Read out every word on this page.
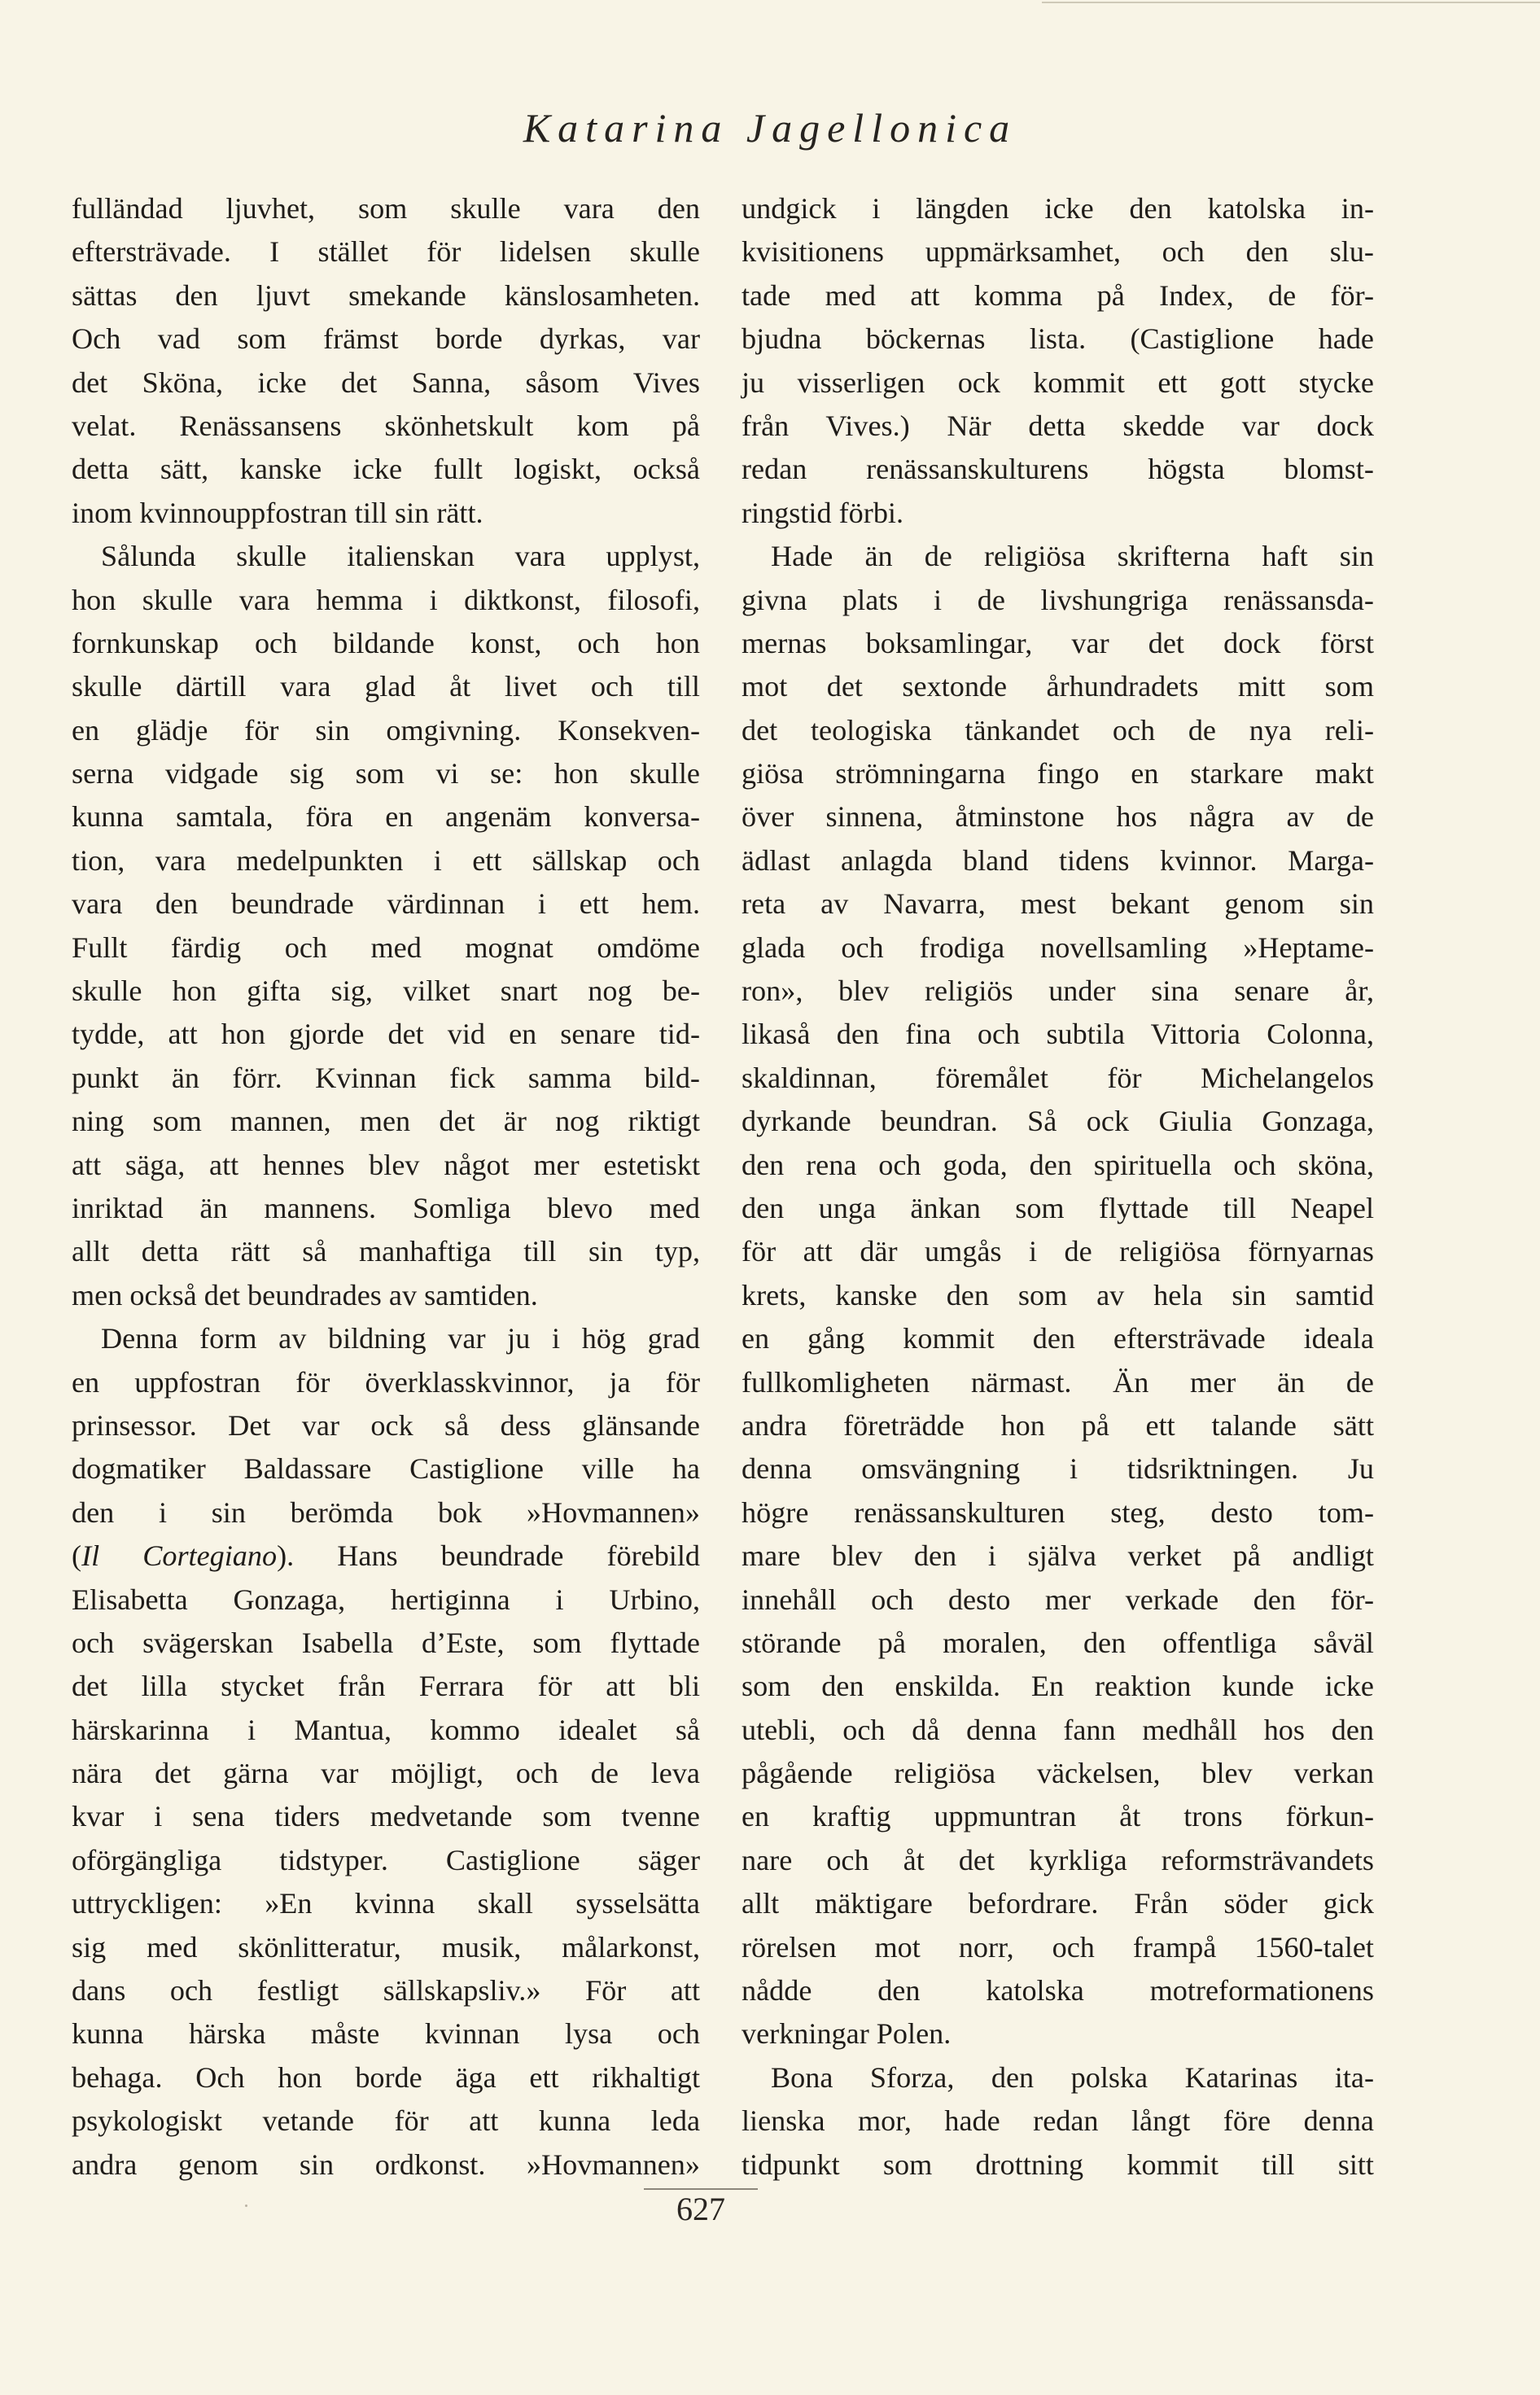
Katarina Jagellonica
fulländad ljuvhet, som skulle vara den
eftersträvade. I stället för lidelsen skulle
sättas den ljuvt smekande känslosamheten.
Och vad som främst borde dyrkas, var
det Sköna, icke det Sanna, såsom Vives
velat. Renässansens skönhetskult kom på
detta sätt, kanske icke fullt logiskt, också
inom kvinnouppfostran till sin rätt.
Sålunda skulle italienskan vara upplyst,
hon skulle vara hemma i diktkonst, filosofi,
fornkunskap och bildande konst, och hon
skulle därtill vara glad åt livet och till
en glädje för sin omgivning. Konsekven-
serna vidgade sig som vi se: hon skulle
kunna samtala, föra en angenäm konversa-
tion, vara medelpunkten i ett sällskap och
vara den beundrade värdinnan i ett hem.
Fullt färdig och med mognat omdöme
skulle hon gifta sig, vilket snart nog be-
tydde, att hon gjorde det vid en senare tid-
punkt än förr. Kvinnan fick samma bild-
ning som mannen, men det är nog riktigt
att säga, att hennes blev något mer estetiskt
inriktad än mannens. Somliga blevo med
allt detta rätt så manhaftiga till sin typ,
men också det beundrades av samtiden.
Denna form av bildning var ju i hög grad
en uppfostran för överklasskvinnor, ja för
prinsessor. Det var ock så dess glänsande
dogmatiker Baldassare Castiglione ville ha
den i sin berömda bok »Hovmannen»
(Il Cortegiano). Hans beundrade förebild
Elisabetta Gonzaga, hertiginna i Urbino,
och svägerskan Isabella d’Este, som flyttade
det lilla stycket från Ferrara för att bli
härskarinna i Mantua, kommo idealet så
nära det gärna var möjligt, och de leva
kvar i sena tiders medvetande som tvenne
oförgängliga tidstyper. Castiglione säger
uttryckligen: »En kvinna skall sysselsätta
sig med skönlitteratur, musik, målarkonst,
dans och festligt sällskapsliv.» För att
kunna härska måste kvinnan lysa och
behaga. Och hon borde äga ett rikhaltigt
psykologiskt vetande för att kunna leda
andra genom sin ordkonst. »Hovmannen»
undgick i längden icke den katolska in-
kvisitionens uppmärksamhet, och den slu-
tade med att komma på Index, de för-
bjudna böckernas lista. (Castiglione hade
ju visserligen ock kommit ett gott stycke
från Vives.) När detta skedde var dock
redan renässanskulturens högsta blomst-
ringstid förbi.
Hade än de religiösa skrifterna haft sin
givna plats i de livshungriga renässansda-
mernas boksamlingar, var det dock först
mot det sextonde århundradets mitt som
det teologiska tänkandet och de nya reli-
giösa strömningarna fingo en starkare makt
över sinnena, åtminstone hos några av de
ädlast anlagda bland tidens kvinnor. Marga-
reta av Navarra, mest bekant genom sin
glada och frodiga novellsamling »Heptame-
ron», blev religiös under sina senare år,
likaså den fina och subtila Vittoria Colonna,
skaldinnan, föremålet för Michelangelos
dyrkande beundran. Så ock Giulia Gonzaga,
den rena och goda, den spirituella och sköna,
den unga änkan som flyttade till Neapel
för att där umgås i de religiösa förnyarnas
krets, kanske den som av hela sin samtid
en gång kommit den eftersträvade ideala
fullkomligheten närmast. Än mer än de
andra företrädde hon på ett talande sätt
denna omsvängning i tidsriktningen. Ju
högre renässanskulturen steg, desto tom-
mare blev den i själva verket på andligt
innehåll och desto mer verkade den för-
störande på moralen, den offentliga såväl
som den enskilda. En reaktion kunde icke
utebli, och då denna fann medhåll hos den
pågående religiösa väckelsen, blev verkan
en kraftig uppmuntran åt trons förkun-
nare och åt det kyrkliga reformsträvandets
allt mäktigare befordrare. Från söder gick
rörelsen mot norr, och frampå 1560-talet
nådde den katolska motreformationens
verkningar Polen.
Bona Sforza, den polska Katarinas ita-
lienska mor, hade redan långt före denna
tidpunkt som drottning kommit till sitt
627
